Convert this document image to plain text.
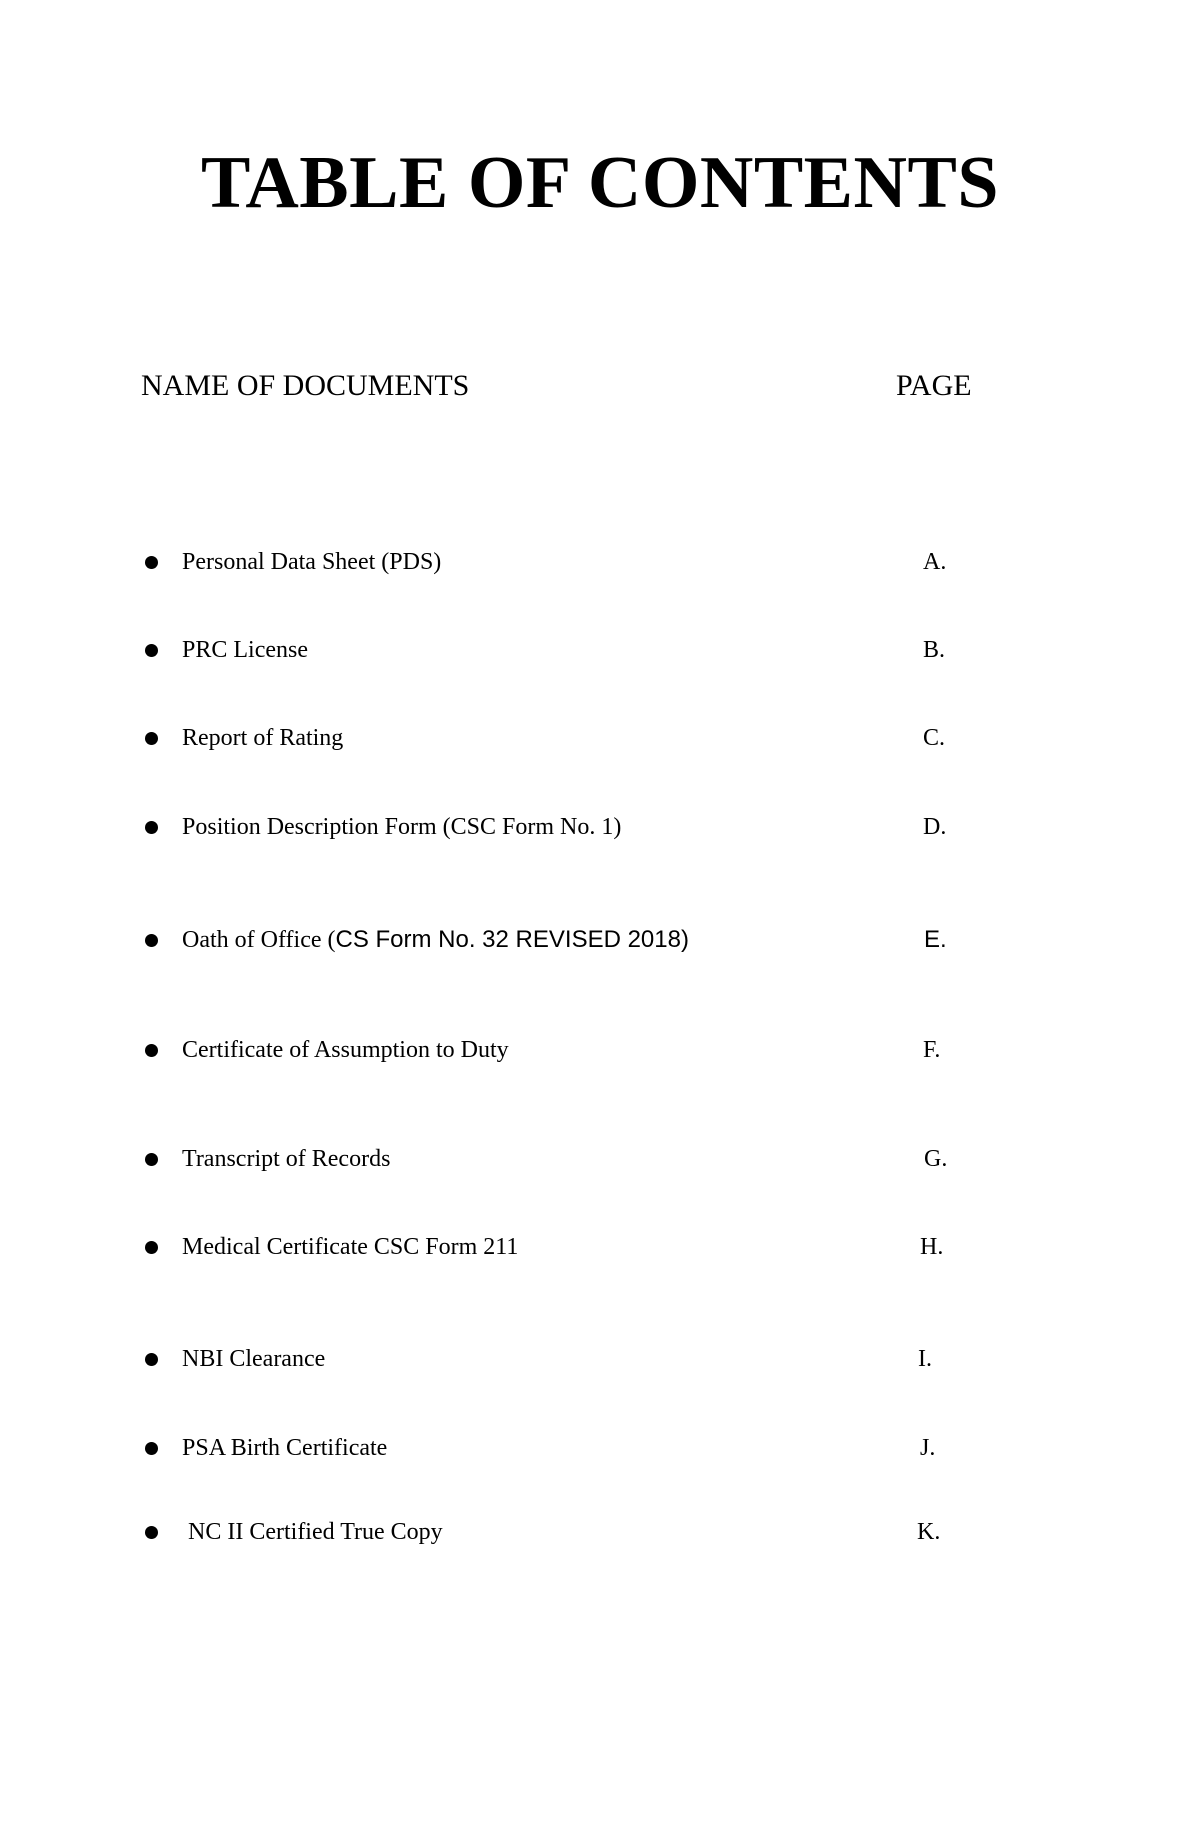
TABLE OF CONTENTS
NAME OF DOCUMENTS	PAGE
Personal Data Sheet (PDS)	A.
PRC License	B.
Report of Rating	C.
Position Description Form (CSC Form No. 1)	D.
Oath of Office (CS Form No. 32 REVISED 2018)	E.
Certificate of Assumption to Duty	F.
Transcript of Records	G.
Medical Certificate CSC Form 211	H.
NBI Clearance	I.
PSA Birth Certificate	J.
NC II Certified True Copy	K.
